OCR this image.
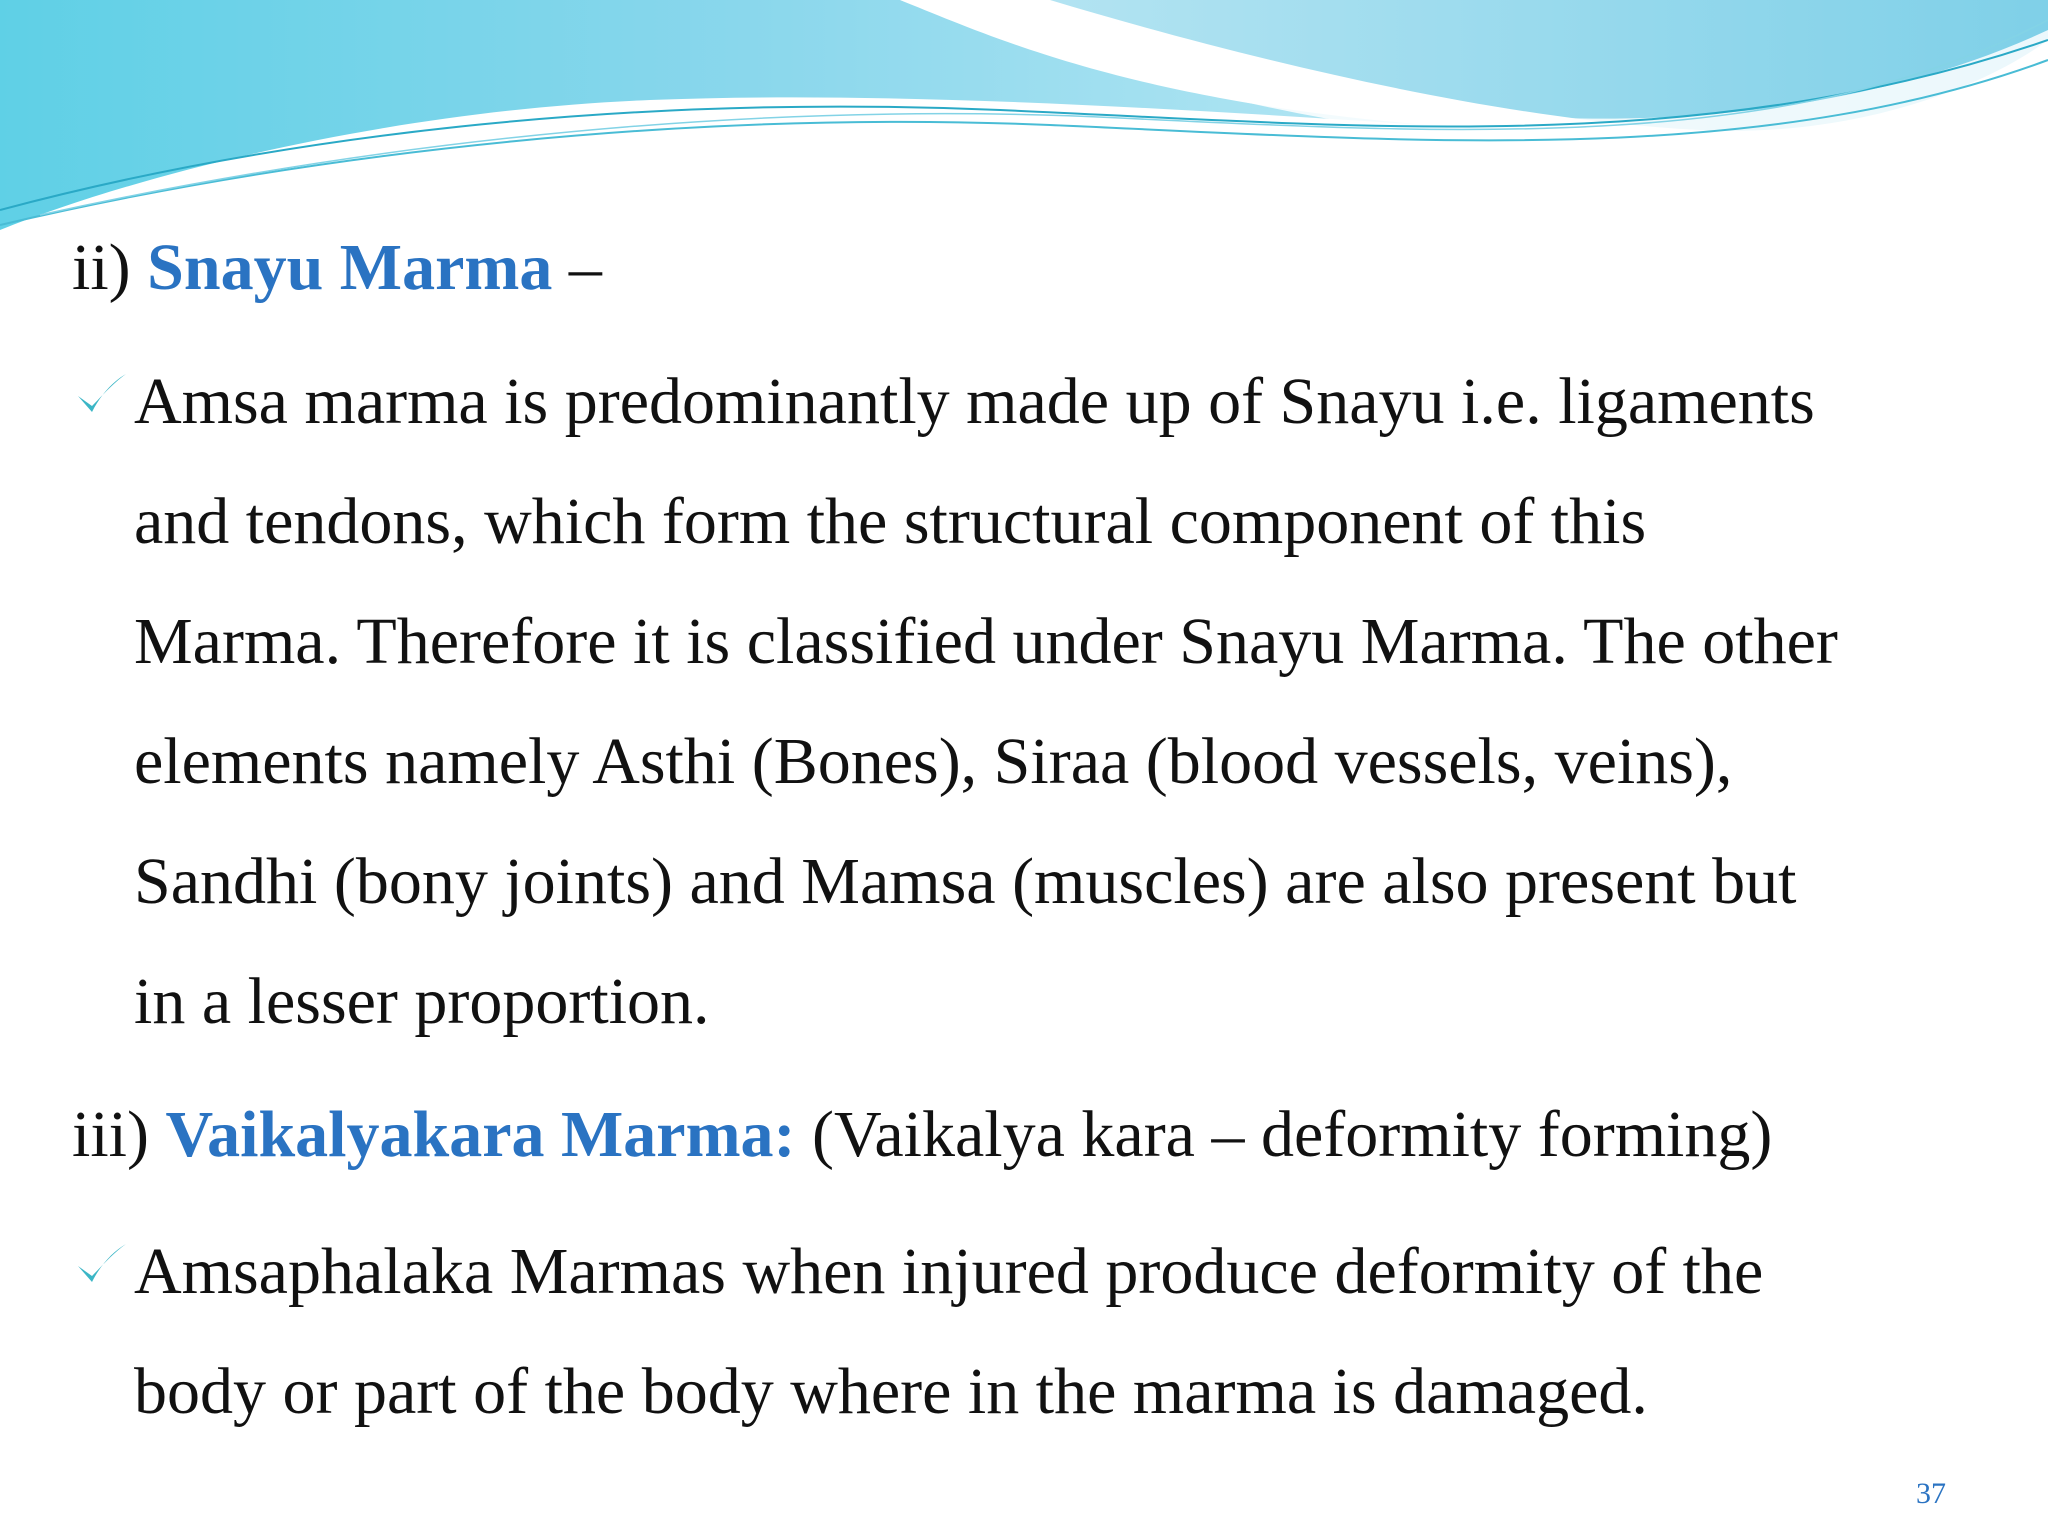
ii) Snayu Marma –
Amsa marma is predominantly made up of Snayu i.e. ligaments
and tendons, which form the structural component of this
Marma. Therefore it is classified under Snayu Marma. The other
elements namely Asthi (Bones), Siraa (blood vessels, veins),
Sandhi (bony joints) and Mamsa (muscles) are also present but
in a lesser proportion.
iii) Vaikalyakara Marma: (Vaikalya kara – deformity forming)
Amsaphalaka Marmas when injured produce deformity of the
body or part of the body where in the marma is damaged.
37
